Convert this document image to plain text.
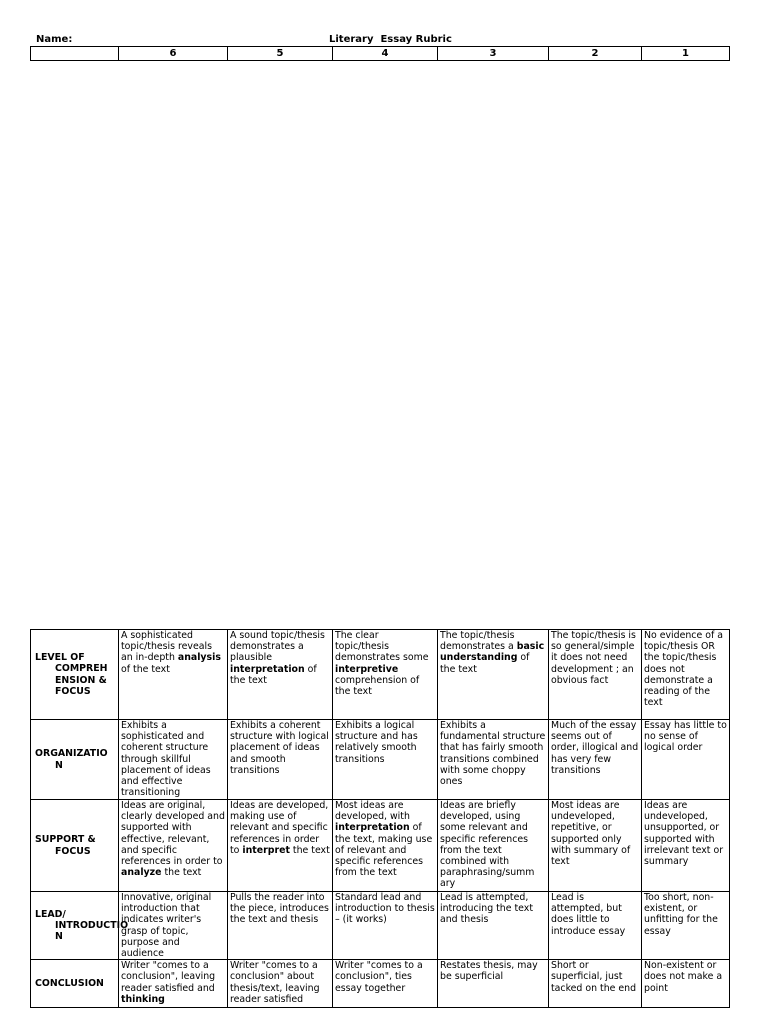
Name:	Literary  Essay Rubric
	6	5	4	3	2	1
LEVEL OF
COMPREH
ENSION &
FOCUS	A sophisticated topic/thesis reveals an in-depth analysis of the text	A sound topic/thesis demonstrates a plausible interpretation of the text	The clear topic/thesis demonstrates some interpretive comprehension of the text	The topic/thesis demonstrates a basic understanding of the text	The topic/thesis is so general/simple it does not need development ; an obvious fact	No evidence of a topic/thesis OR the topic/thesis does not demonstrate a reading of the text

ORGANIZATIO
N	Exhibits a sophisticated and coherent structure through skillful placement of ideas and effective transitioning	Exhibits a coherent structure with logical placement of ideas and smooth transitions	Exhibits a logical structure and has relatively smooth transitions	Exhibits a fundamental structure that has fairly smooth transitions combined with some choppy ones	Much of the essay seems out of order, illogical and has very few transitions	Essay has little to no sense of logical order

SUPPORT &
FOCUS	Ideas are original, clearly developed and supported with effective, relevant, and specific references in order to analyze the text	Ideas are developed, making use of relevant and specific references in order to interpret the text	Most ideas are developed, with interpretation of the text, making use of relevant and specific references from the text	Ideas are briefly developed, using some relevant and specific references from the text combined with paraphrasing/summ ary	Most ideas are undeveloped, repetitive, or supported only with summary of text	Ideas are undeveloped, unsupported, or supported with irrelevant text or summary

LEAD/
INTRODUCTIO
N	Innovative, original introduction that indicates writer's grasp of topic, purpose and audience	Pulls the reader into the piece, introduces the text and thesis	Standard lead and introduction to thesis – (it works)	Lead is attempted, introducing the text and thesis	Lead is attempted, but does little to introduce essay	Too short, non-existent, or unfitting for the essay

CONCLUSION	Writer "comes to a conclusion", leaving reader satisfied and thinking	Writer "comes to a conclusion" about thesis/text, leaving reader satisfied	Writer "comes to a conclusion", ties essay together	Restates thesis, may be superficial	Short or superficial, just tacked on the end	Non-existent or does not make a point
